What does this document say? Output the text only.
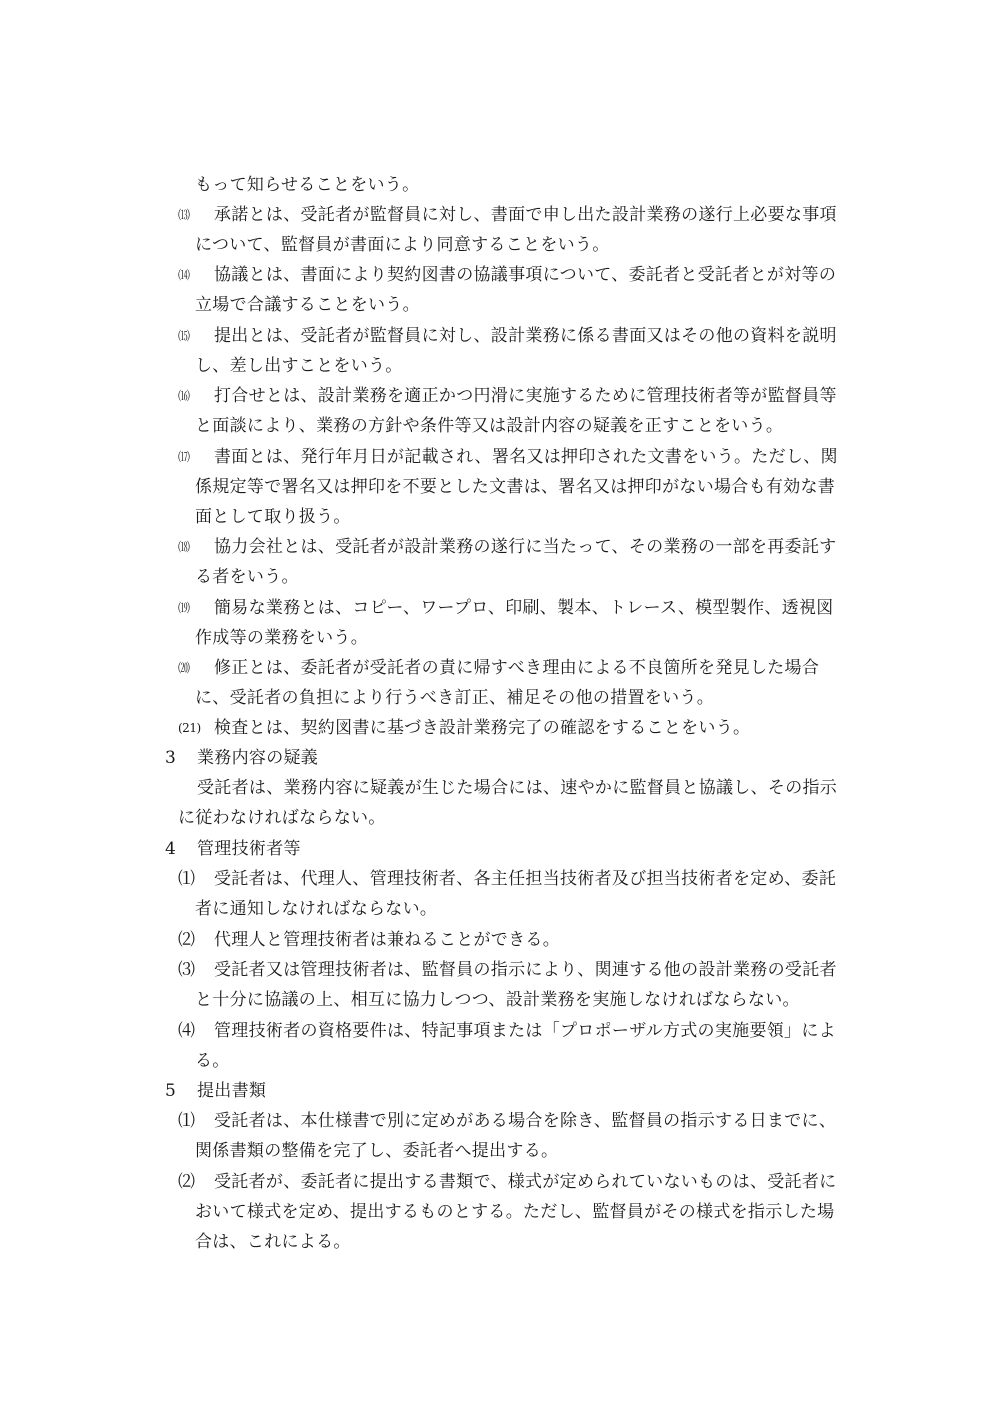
もって知らせることをいう。
⒀ 承諾とは、受託者が監督員に対し、書面で申し出た設計業務の遂行上必要な事項
について、監督員が書面により同意することをいう。
⒁ 協議とは、書面により契約図書の協議事項について、委託者と受託者とが対等の
立場で合議することをいう。
⒂ 提出とは、受託者が監督員に対し、設計業務に係る書面又はその他の資料を説明
し、差し出すことをいう。
⒃ 打合せとは、設計業務を適正かつ円滑に実施するために管理技術者等が監督員等
と面談により、業務の方針や条件等又は設計内容の疑義を正すことをいう。
⒄ 書面とは、発行年月日が記載され、署名又は押印された文書をいう。ただし、関
係規定等で署名又は押印を不要とした文書は、署名又は押印がない場合も有効な書
面として取り扱う。
⒅ 協力会社とは、受託者が設計業務の遂行に当たって、その業務の一部を再委託す
る者をいう。
⒆ 簡易な業務とは、コピー、ワープロ、印刷、製本、トレース、模型製作、透視図
作成等の業務をいう。
⒇ 修正とは、委託者が受託者の責に帰すべき理由による不良箇所を発見した場合
に、受託者の負担により行うべき訂正、補足その他の措置をいう。
(21) 検査とは、契約図書に基づき設計業務完了の確認をすることをいう。
3 業務内容の疑義
受託者は、業務内容に疑義が生じた場合には、速やかに監督員と協議し、その指示
に従わなければならない。
4 管理技術者等
⑴ 受託者は、代理人、管理技術者、各主任担当技術者及び担当技術者を定め、委託
者に通知しなければならない。
⑵ 代理人と管理技術者は兼ねることができる。
⑶ 受託者又は管理技術者は、監督員の指示により、関連する他の設計業務の受託者
と十分に協議の上、相互に協力しつつ、設計業務を実施しなければならない。
⑷ 管理技術者の資格要件は、特記事項または「プロポーザル方式の実施要領」によ
る。
5 提出書類
⑴ 受託者は、本仕様書で別に定めがある場合を除き、監督員の指示する日までに、
関係書類の整備を完了し、委託者へ提出する。
⑵ 受託者が、委託者に提出する書類で、様式が定められていないものは、受託者に
おいて様式を定め、提出するものとする。ただし、監督員がその様式を指示した場
合は、これによる。
